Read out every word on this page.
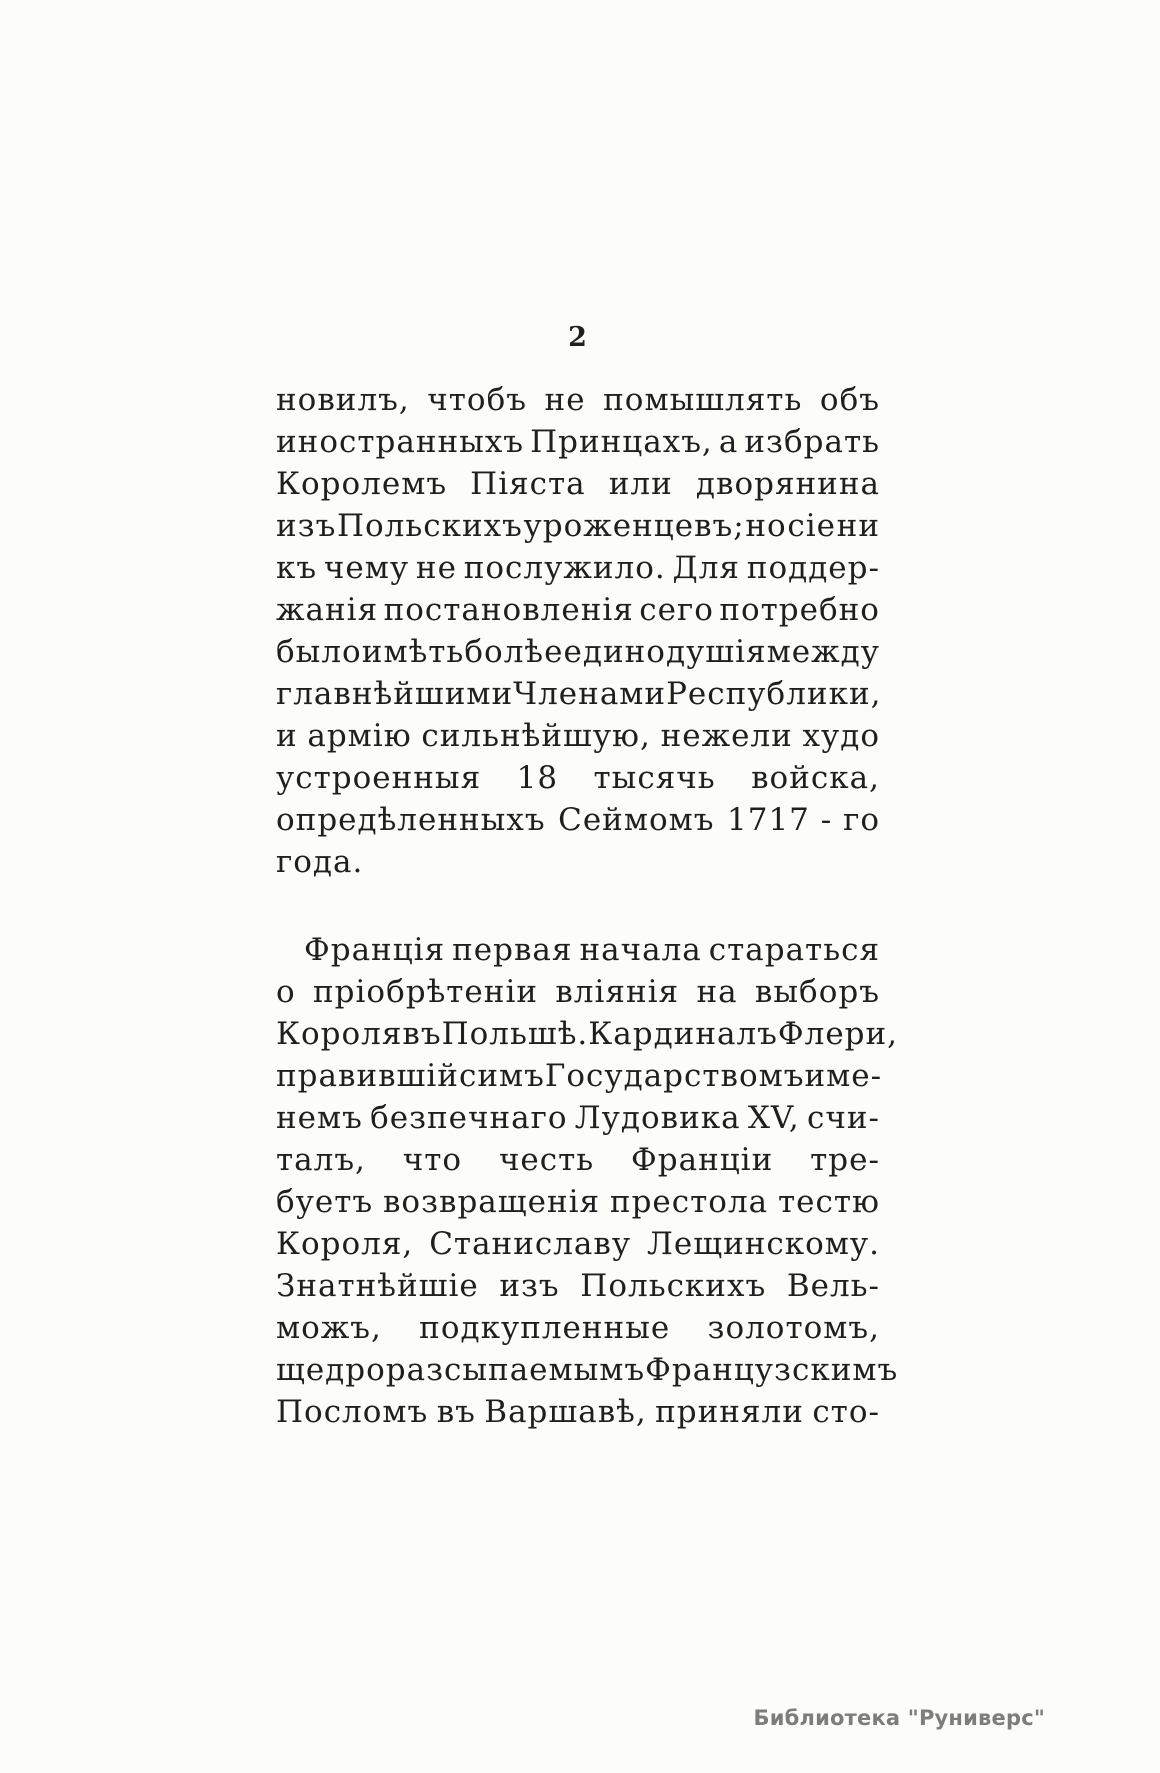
2
новилъ, чтобъ не помышлять объ
иностранныхъ Принцахъ, а избрать
Королемъ Піяста или дворянина
изъ Польскихъ уроженцевъ; но сіе ни
къ чему не послужило. Для поддер-
жанія постановленія сего потребно
было имѣть болѣе единодушія между
главнѣйшими Членами Республики,
и армію сильнѣйшую, нежели худо
устроенныя 18 тысячь войска,
опредѣленныхъ Сеймомъ 1717 - го
года.
Франція первая начала стараться
о пріобрѣтеніи вліянія на выборъ
Короля въ Польшѣ. Кардиналъ Флери,
правившій симъ Государствомъ име-
немъ безпечнаго Лудовика XV, счи-
талъ, что честь Франціи тре-
буетъ возвращенія престола тестю
Короля, Станиславу Лещинскому.
Знатнѣйшіе изъ Польскихъ Вель-
можъ, подкупленные золотомъ,
щедро разсыпаемымъ Французскимъ
Посломъ въ Варшавѣ, приняли сто-
Библиотека "Руниверс"
